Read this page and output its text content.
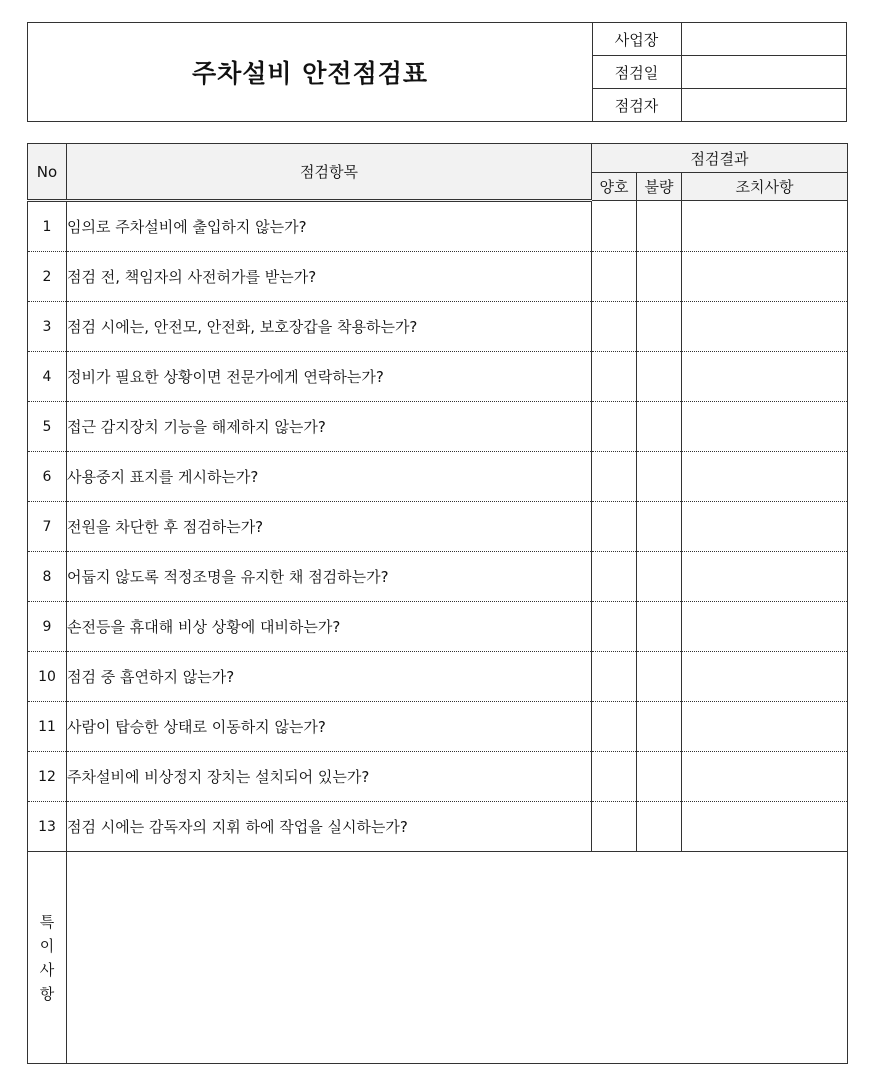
주차설비 안전점검표
사업장
점검일
점검자
No	점검항목	점검결과		
		양호	불량	조치사항
1	임의로 주차설비에 출입하지 않는가?			
2	점검 전, 책임자의 사전허가를 받는가?			
3	점검 시에는, 안전모, 안전화, 보호장갑을 착용하는가?			
4	정비가 필요한 상황이면 전문가에게 연락하는가?			
5	접근 감지장치 기능을 해제하지 않는가?			
6	사용중지 표지를 게시하는가?			
7	전원을 차단한 후 점검하는가?			
8	어둡지 않도록 적정조명을 유지한 채 점검하는가?			
9	손전등을 휴대해 비상 상황에 대비하는가?			
10	점검 중 흡연하지 않는가?			
11	사람이 탑승한 상태로 이동하지 않는가?			
12	주차설비에 비상정지 장치는 설치되어 있는가?			
13	점검 시에는 감독자의 지휘 하에 작업을 실시하는가?			

특
이
사
항				
